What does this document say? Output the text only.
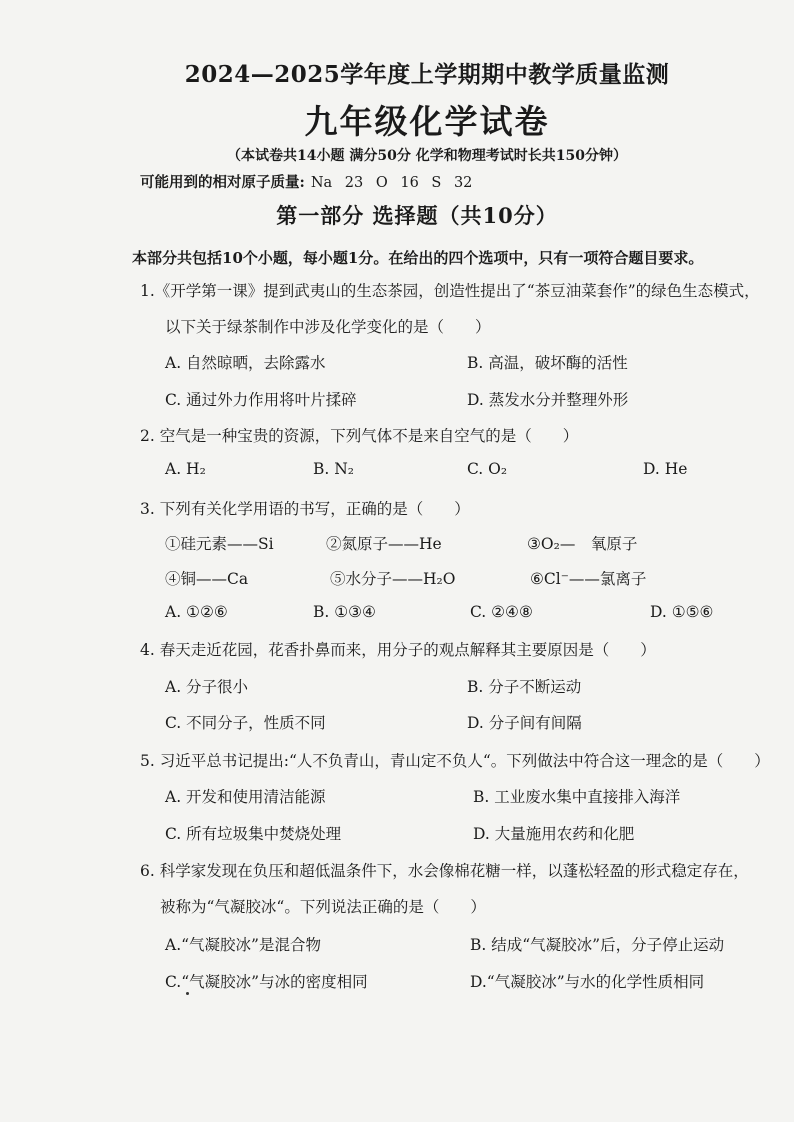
2024—2025学年度上学期期中教学质量监测
九年级化学试卷
（本试卷共14小题 满分50分 化学和物理考试时长共150分钟）
可能用到的相对原子质量: Na 23 O 16 S 32
第一部分 选择题（共10分）
本部分共包括10个小题，每小题1分。在给出的四个选项中，只有一项符合题目要求。
1.《开学第一课》提到武夷山的生态茶园，创造性提出了“茶豆油菜套作”的绿色生态模式，
以下关于绿茶制作中涉及化学变化的是（　　）
A. 自然晾晒，去除露水	B. 高温，破坏酶的活性
C. 通过外力作用将叶片揉碎	D. 蒸发水分并整理外形
2. 空气是一种宝贵的资源，下列气体不是来自空气的是（　　）
A. H₂	B. N₂	C. O₂	D. He
3. 下列有关化学用语的书写，正确的是（　　）
①硅元素——Si	②氮原子——He	③O₂—　氧原子
④铜——Ca	⑤水分子——H₂O	⑥Cl⁻——氯离子
A. ①②⑥	B. ①③④	C. ②④⑧	D. ①⑤⑥
4. 春天走近花园，花香扑鼻而来，用分子的观点解释其主要原因是（　　）
A. 分子很小	B. 分子不断运动
C. 不同分子，性质不同	D. 分子间有间隔
5. 习近平总书记提出:“人不负青山，青山定不负人“。下列做法中符合这一理念的是（　　）
A. 开发和使用清洁能源	B. 工业废水集中直接排入海洋
C. 所有垃圾集中焚烧处理	D. 大量施用农药和化肥
6. 科学家发现在负压和超低温条件下，水会像棉花糖一样，以蓬松轻盈的形式稳定存在，
被称为“气凝胶冰“。下列说法正确的是（　　）
A.“气凝胶冰”是混合物	B. 结成“气凝胶冰”后，分子停止运动
C.“气凝胶冰”与冰的密度相同	D.“气凝胶冰”与水的化学性质相同
